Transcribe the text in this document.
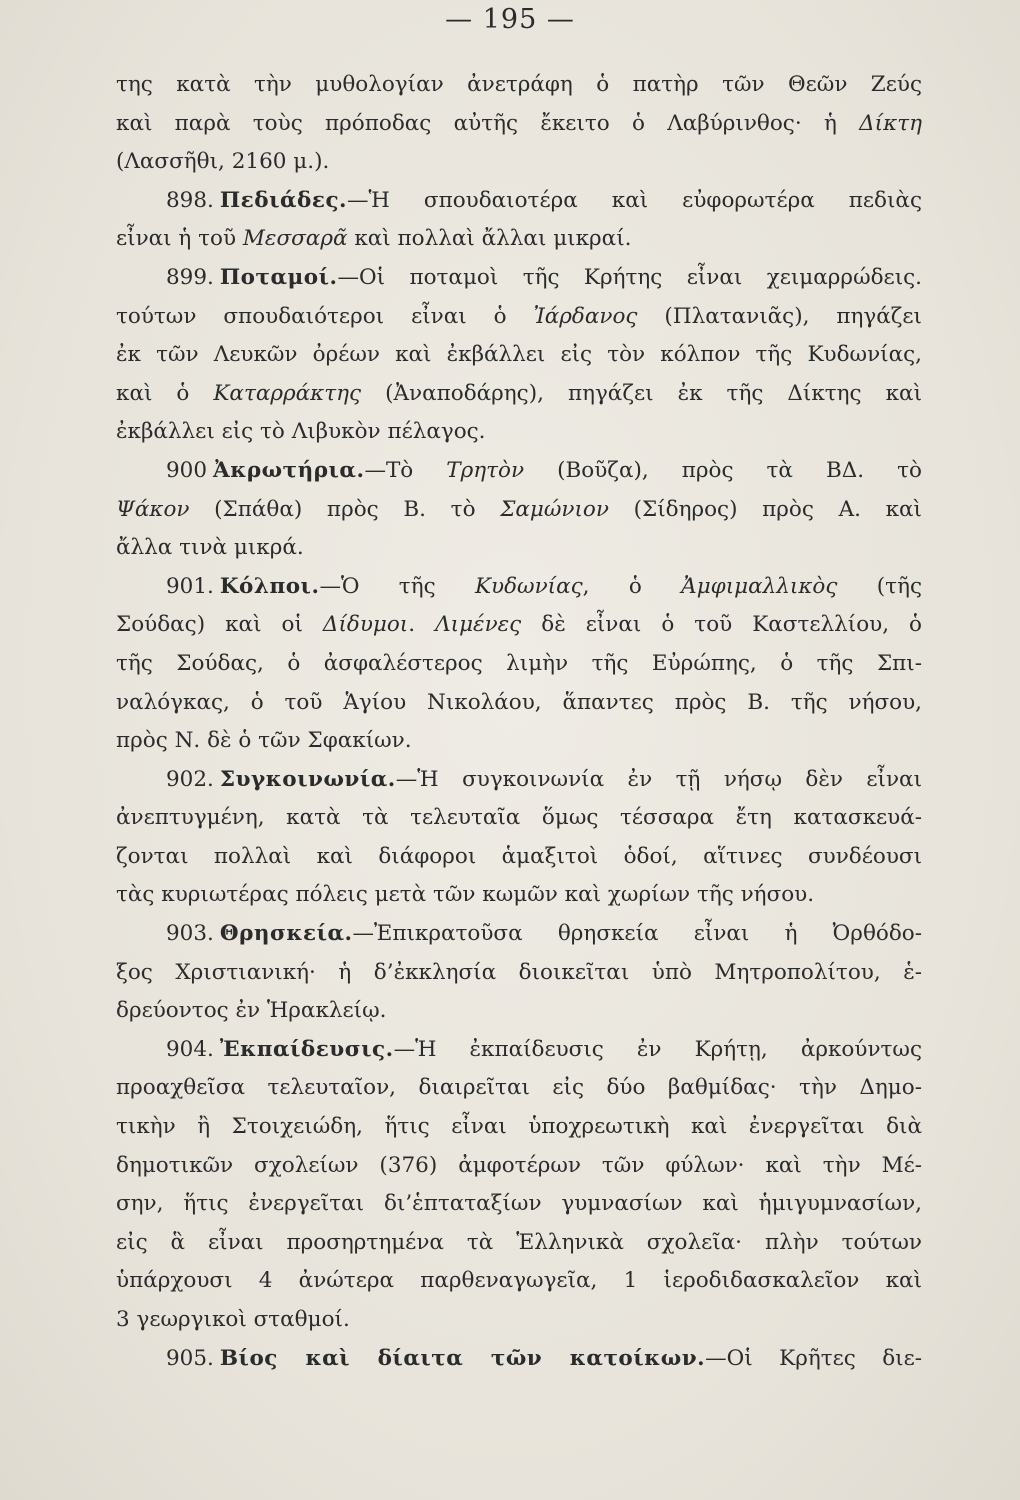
— 195 —
της κατὰ τὴν μυθολογίαν ἀνετράφη ὁ πατὴρ τῶν Θεῶν Ζεύς
καὶ παρὰ τοὺς πρόποδας αὐτῆς ἔκειτο ὁ Λαβύρινθος· ἡ Δίκτη
(Λασσῆθι, 2160 μ.).
898. Πεδιάδες.—Ἡ σπουδαιοτέρα καὶ εὐφορωτέρα πεδιὰς
εἶναι ἡ τοῦ Μεσσαρᾶ καὶ πολλαὶ ἄλλαι μικραί.
899. Ποταμοί.—Οἱ ποταμοὶ τῆς Κρήτης εἶναι χειμαρρώδεις.
τούτων σπουδαιότεροι εἶναι ὁ Ἰάρδανος (Πλατανιᾶς), πηγάζει
ἐκ τῶν Λευκῶν ὀρέων καὶ ἐκβάλλει εἰς τὸν κόλπον τῆς Κυδωνίας,
καὶ ὁ Καταρράκτης (Ἀναποδάρης), πηγάζει ἐκ τῆς Δίκτης καὶ
ἐκβάλλει εἰς τὸ Λιβυκὸν πέλαγος.
900 Ἀκρωτήρια.—Τὸ Τρητὸν (Βοῦζα), πρὸς τὰ ΒΔ. τὸ
Ψάκον (Σπάθα) πρὸς Β. τὸ Σαμώνιον (Σίδηρος) πρὸς Α. καὶ
ἄλλα τινὰ μικρά.
901. Κόλποι.—Ὁ τῆς Κυδωνίας, ὁ Ἀμφιμαλλικὸς (τῆς
Σούδας) καὶ οἱ Δίδυμοι. Λιμένες δὲ εἶναι ὁ τοῦ Καστελλίου, ὁ
τῆς Σούδας, ὁ ἀσφαλέστερος λιμὴν τῆς Εὐρώπης, ὁ τῆς Σπι-
ναλόγκας, ὁ τοῦ Ἁγίου Νικολάου, ἅπαντες πρὸς Β. τῆς νήσου,
πρὸς Ν. δὲ ὁ τῶν Σφακίων.
902. Συγκοινωνία.—Ἡ συγκοινωνία ἐν τῇ νήσῳ δὲν εἶναι
ἀνεπτυγμένη, κατὰ τὰ τελευταῖα ὅμως τέσσαρα ἔτη κατασκευά-
ζονται πολλαὶ καὶ διάφοροι ἁμαξιτοὶ ὁδοί, αἵτινες συνδέουσι
τὰς κυριωτέρας πόλεις μετὰ τῶν κωμῶν καὶ χωρίων τῆς νήσου.
903. Θρησκεία.—Ἐπικρατοῦσα θρησκεία εἶναι ἡ Ὀρθόδο-
ξος Χριστιανική· ἡ δ’ἐκκλησία διοικεῖται ὑπὸ Μητροπολίτου, ἑ-
δρεύοντος ἐν Ἡρακλείῳ.
904. Ἐκπαίδευσις.—Ἡ ἐκπαίδευσις ἐν Κρήτῃ, ἀρκούντως
προαχθεῖσα τελευταῖον, διαιρεῖται εἰς δύο βαθμίδας· τὴν Δημο-
τικὴν ἢ Στοιχειώδη, ἥτις εἶναι ὑποχρεωτικὴ καὶ ἐνεργεῖται διὰ
δημοτικῶν σχολείων (376) ἀμφοτέρων τῶν φύλων· καὶ τὴν Μέ-
σην, ἥτις ἐνεργεῖται δι’ἑπταταξίων γυμνασίων καὶ ἡμιγυμνασίων,
εἰς ἃ εἶναι προσηρτημένα τὰ Ἑλληνικὰ σχολεῖα· πλὴν τούτων
ὑπάρχουσι 4 ἀνώτερα παρθεναγωγεῖα, 1 ἱεροδιδασκαλεῖον καὶ
3 γεωργικοὶ σταθμοί.
905. Βίος καὶ δίαιτα τῶν κατοίκων.—Οἱ Κρῆτες διε-
